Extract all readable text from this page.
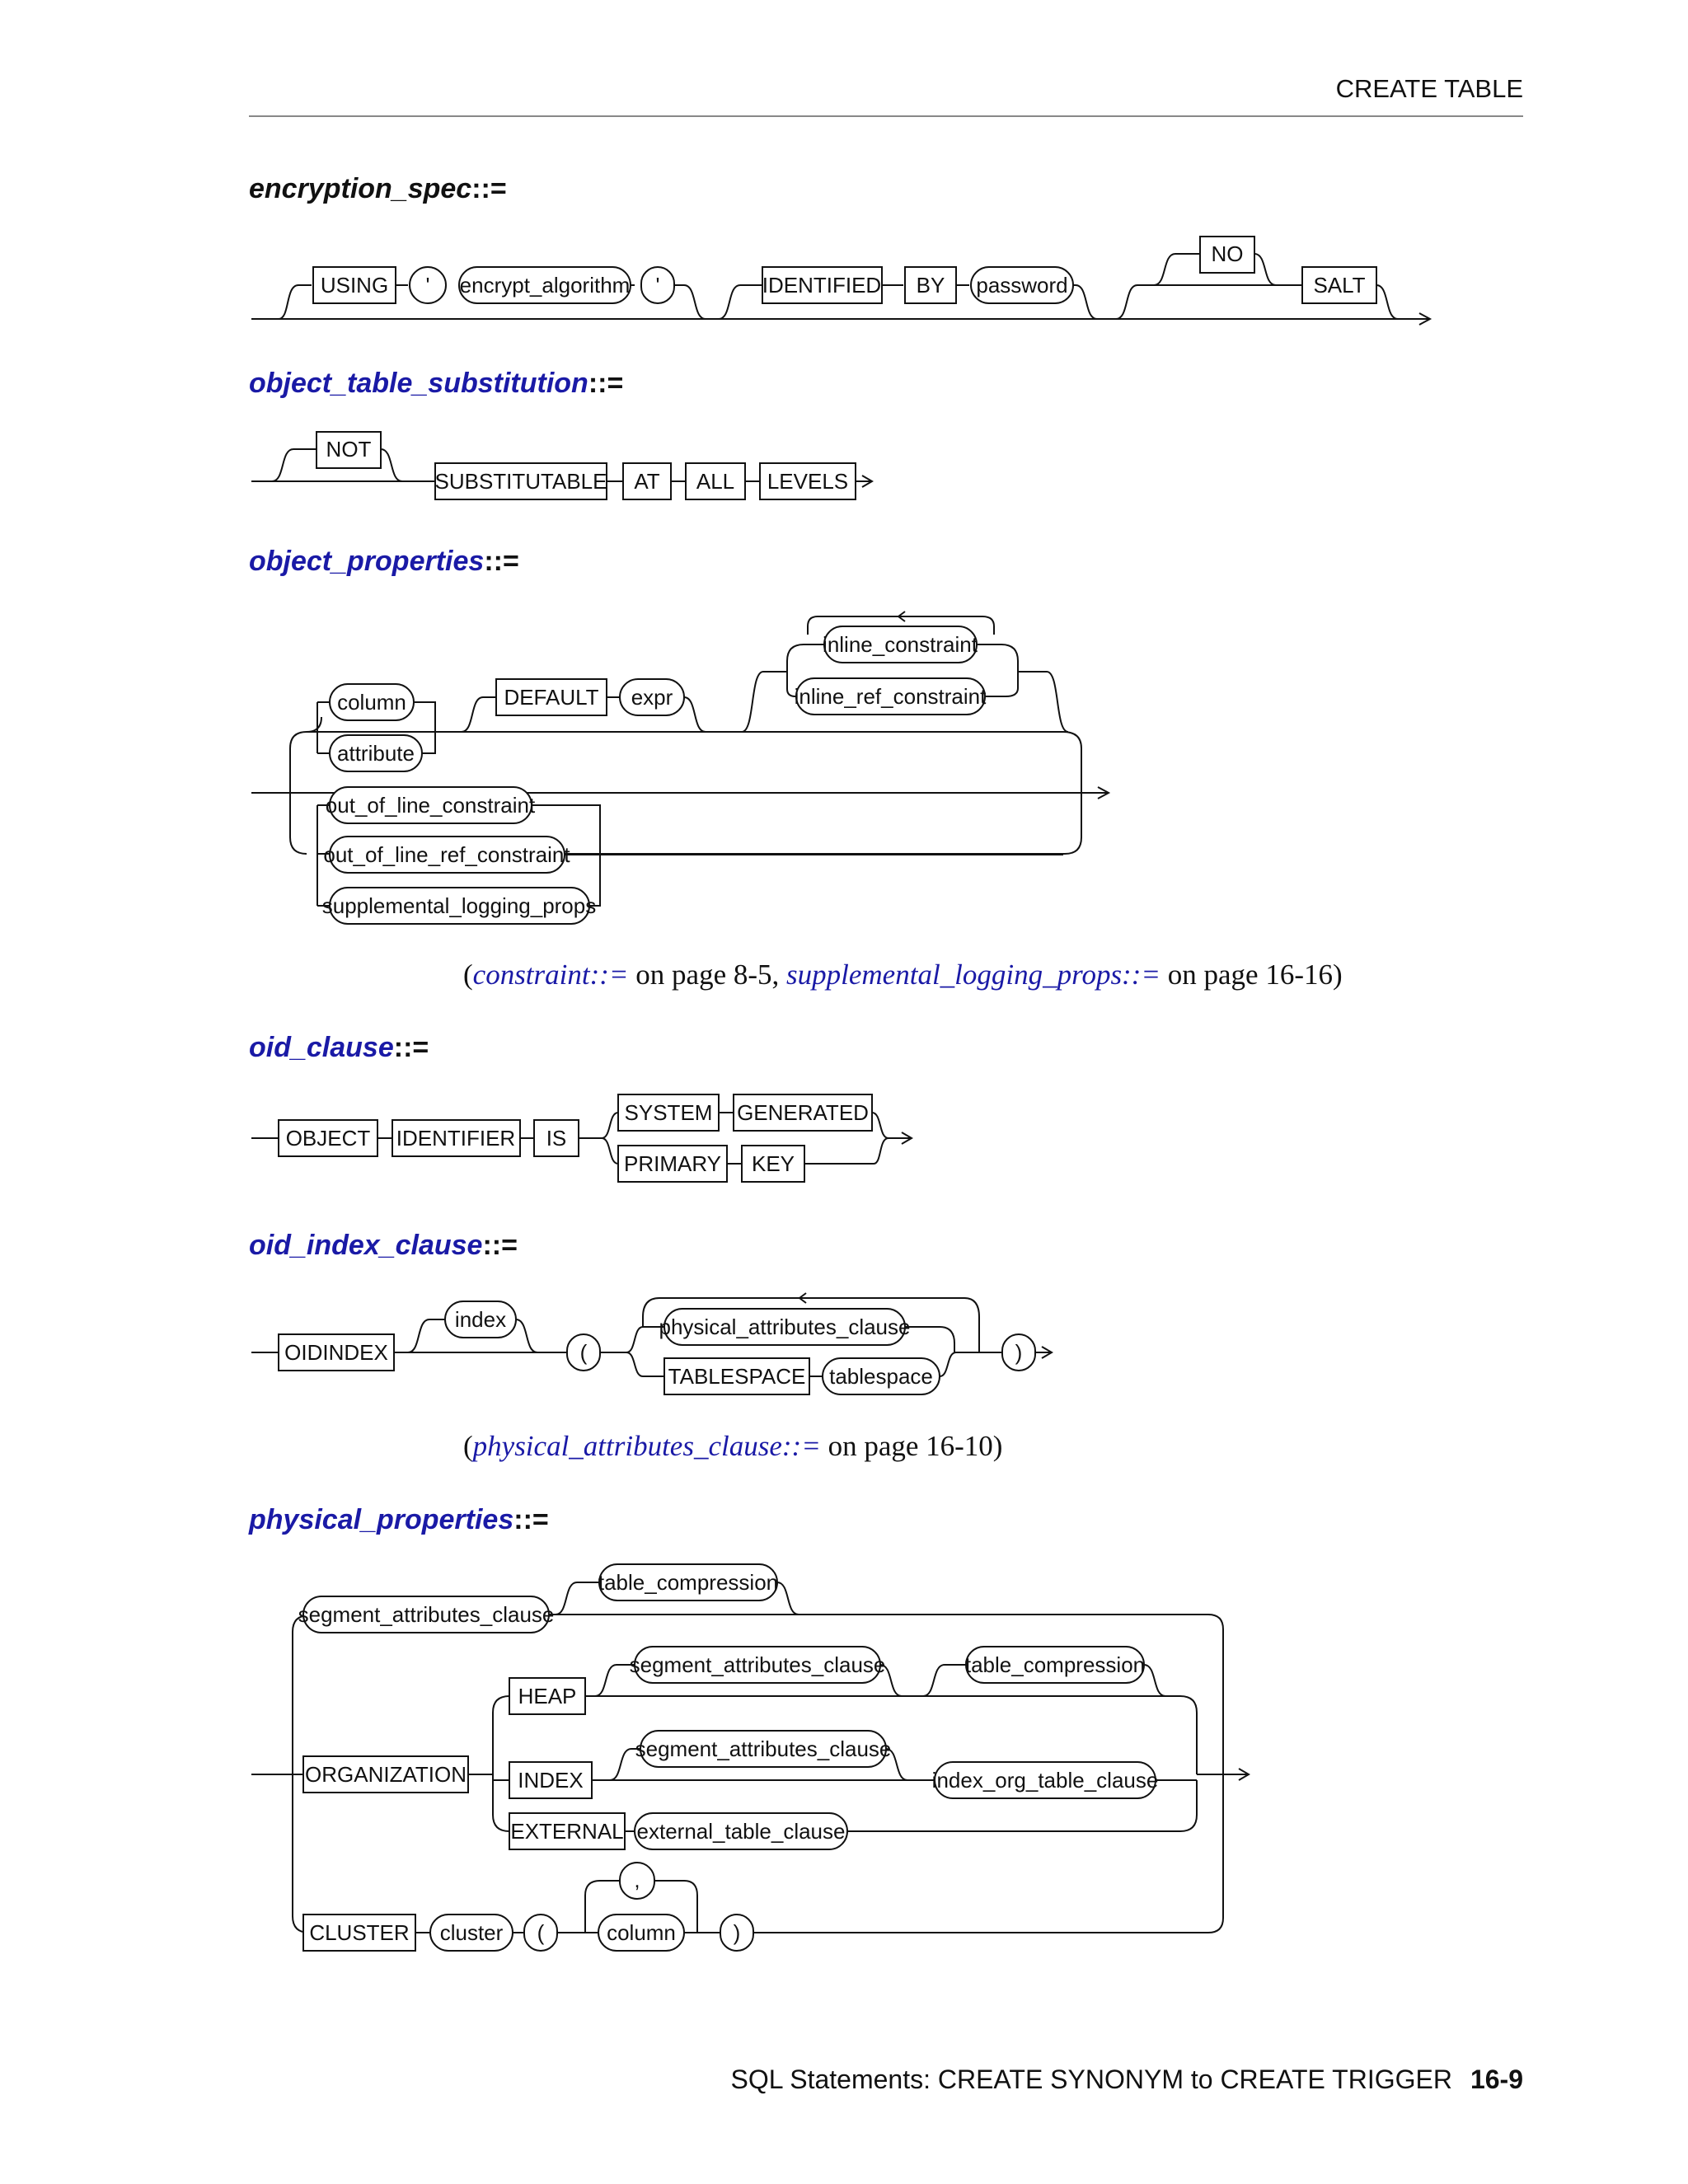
CREATE TABLE
encryption_spec::=
USING ' encrypt_algorithm '	IDENTIFIED BY password
NO
SALT
object_table_substitution::=
NOT
SUBSTITUTABLE AT ALL LEVELS
object_properties::=
column
attribute
DEFAULT expr
inline_constraint
inline_ref_constraint
out_of_line_constraint
out_of_line_ref_constraint
supplemental_logging_props
(constraint::= on page 8-5, supplemental_logging_props::= on page 16-16)
oid_clause::=
OBJECT IDENTIFIER IS
SYSTEM GENERATED
PRIMARY KEY
oid_index_clause::=
OIDINDEX
index
(
physical_attributes_clause
TABLESPACE tablespace
)
(physical_attributes_clause::= on page 16-10)
physical_properties::=
segment_attributes_clause
table_compression
ORGANIZATION
HEAP
segment_attributes_clause	table_compression
INDEX
segment_attributes_clause
index_org_table_clause
EXTERNAL external_table_clause
CLUSTER cluster (
,
column	)
SQL Statements: CREATE SYNONYM to CREATE TRIGGER 16-9
